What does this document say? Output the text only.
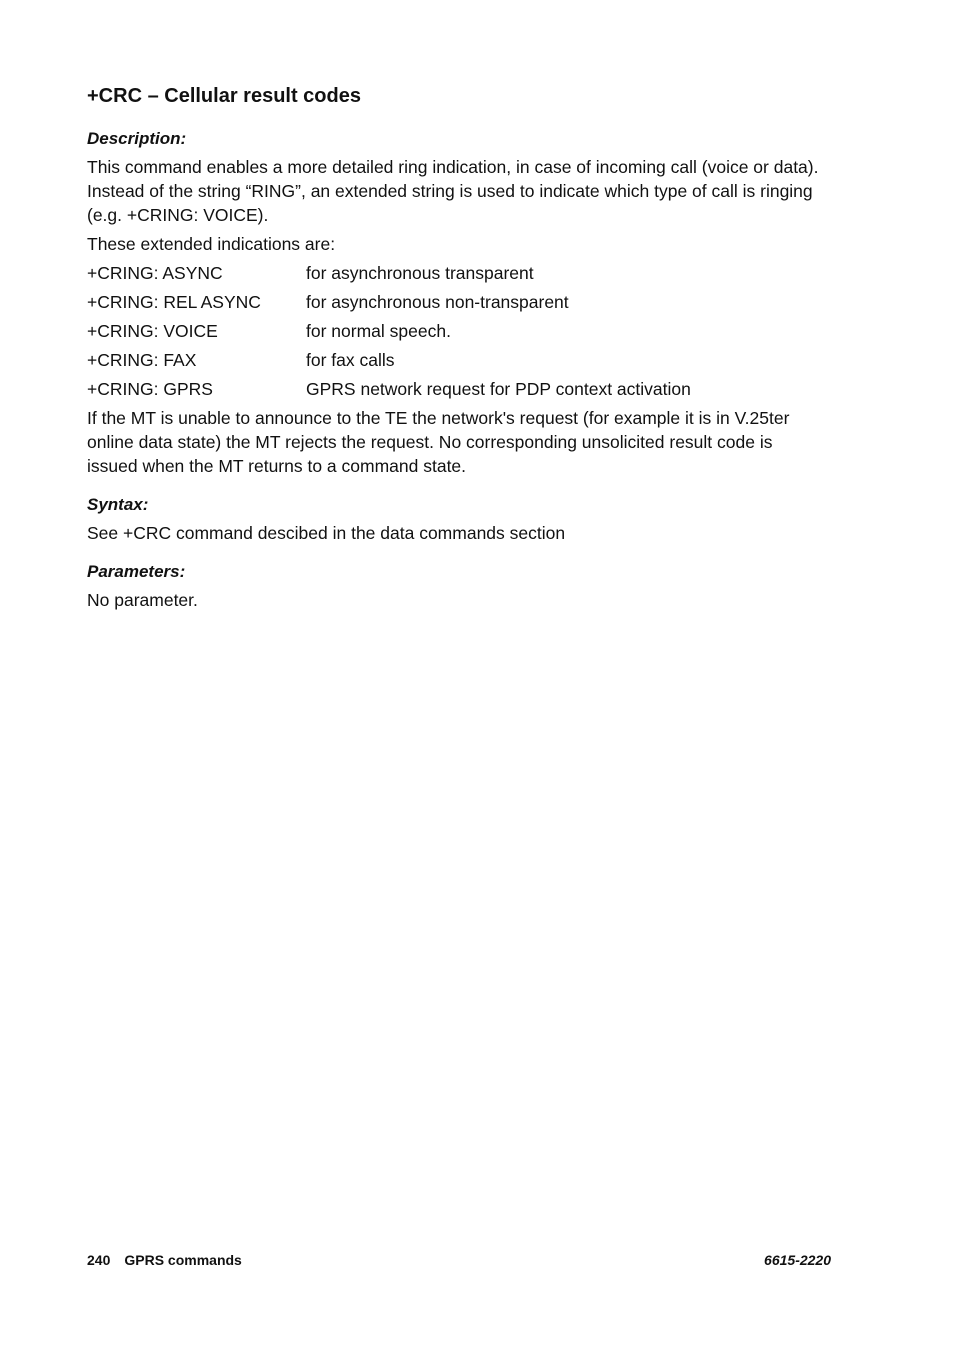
+CRC – Cellular result codes
Description:

This command enables a more detailed ring indication, in case of incoming call (voice or data). Instead of the string “RING”, an extended string is used to indicate which type of call is ringing (e.g. +CRING: VOICE).

These extended indications are:

+CRING: ASYNC	for asynchronous transparent
+CRING: REL ASYNC	for asynchronous non-transparent
+CRING: VOICE	for normal speech.
+CRING: FAX	for fax calls
+CRING: GPRS	GPRS network request for PDP context activation

If the MT is unable to announce to the TE the network's request (for example it is in V.25ter online data state) the MT rejects the request. No corresponding unsolicited result code is issued when the MT returns to a command state.

Syntax:

See +CRC command descibed in the data commands section

Parameters:

No parameter.

240 GPRS commands	6615-2220
